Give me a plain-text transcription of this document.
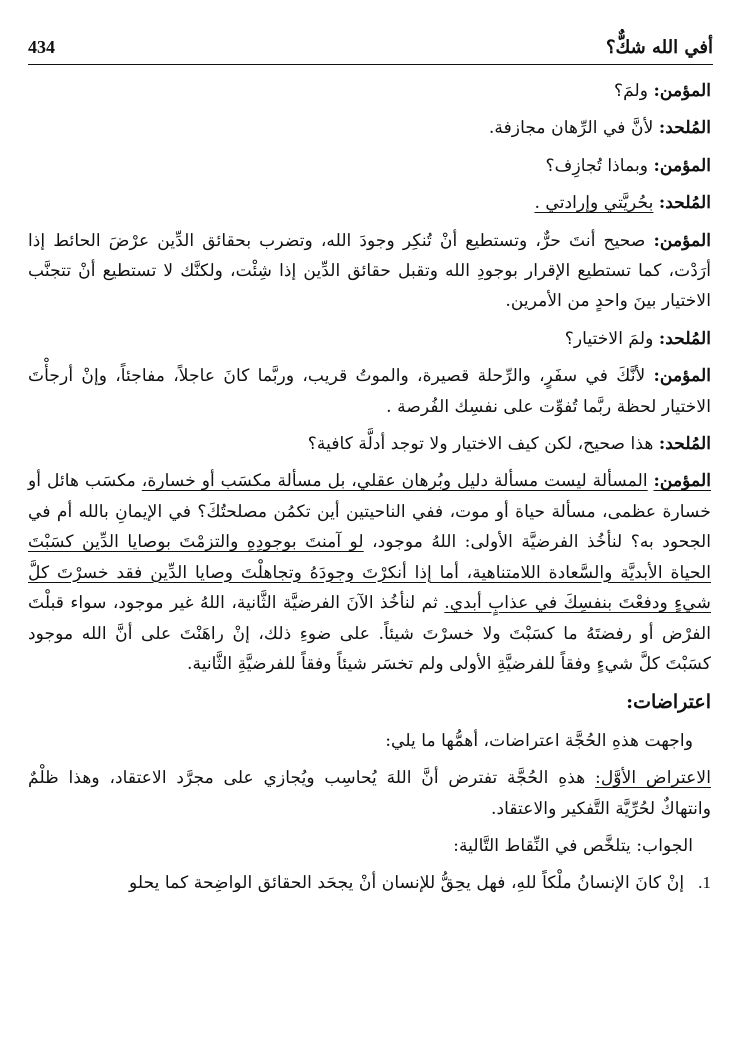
434	أفي الله شكٌّ؟

المؤمن: ولمَ؟

المُلحد: لأنَّ في الرِّهان مجازفة.

المؤمن: وبماذا تُجازِف؟

المُلحد: بحُريَّتي وإرادتي .

المؤمن: صحيح أنتَ حرٌّ، وتستطيع أنْ تُنكِر وجودَ الله، وتضرب بحقائق الدِّين عرْضَ الحائط إذا أرَدْت، كما تستطيع الإقرار بوجودِ الله وتقبل حقائق الدِّين إذا شِئْت، ولكنَّك لا تستطيع أنْ تتجنَّب الاختيار بينَ واحدٍ من الأمرين.

المُلحد: ولمَ الاختيار؟

المؤمن: لأنَّكَ في سفَرٍ، والرِّحلة قصيرة، والموتُ قريب، وربَّما كانَ عاجلاً، مفاجئاً، وإنْ أرجأْتَ الاختيار لحظة ربَّما تُفوِّت على نفسِك الفُرصة .

المُلحد: هذا صحيح، لكن كيف الاختيار ولا توجد أدلَّة كافية؟

المؤمن: المسألة ليست مسألة دليل وبُرهان عقلي، بل مسألة مكسَب أو خسارة، مكسَب هائل أو خسارة عظمى، مسألة حياة أو موت، ففي الناحيتين أين تكمُن مصلحتُكَ؟ في الإيمانِ بالله أم في الجحود به؟ لنأخُذ الفرضيَّة الأولى: اللهُ موجود، لو آمنتَ بوجودِهِ والتزمْتَ بوصايا الدِّين كسَبْتَ الحياة الأبديَّة والسَّعادة اللامتناهية، أما إذا أنكرْتَ وجودَهُ وتجاهلْتَ وصايا الدِّين فقد خسرْتَ كلَّ شيءٍ ودفعْتَ بنفسِكَ في عذابٍ أبدي. ثم لنأخُذ الآنَ الفرضيَّة الثَّانية، اللهُ غير موجود، سواء قبلْتَ الفرْض أو رفضتَهُ ما كسَبْتَ ولا خسرْتَ شيئاً. على ضوءِ ذلك، إنْ راهَنْتَ على أنَّ الله موجود كسَبْتَ كلَّ شيءٍ وفقاً للفرضيَّةِ الأولى ولم تخسَر شيئاً وفقاً للفرضيَّةِ الثَّانية.

اعتراضات:

واجهت هذهِ الحُجَّة اعتراضات، أهمُّها ما يلي:

الاعتراض الأوَّل: هذهِ الحُجَّة تفترض أنَّ اللهَ يُحاسِب ويُجازي على مجرَّد الاعتقاد، وهذا ظلْمٌ وانتهاكٌ لحُرِّيَّة التَّفكير والاعتقاد.

الجواب: يتلخَّص في النِّقاط التَّالية:

1.
إنْ كانَ الإنسانُ ملْكاً للهِ، فهل يحِقُّ للإنسان أنْ يجحَد الحقائق الواضِحة كما يحلو
